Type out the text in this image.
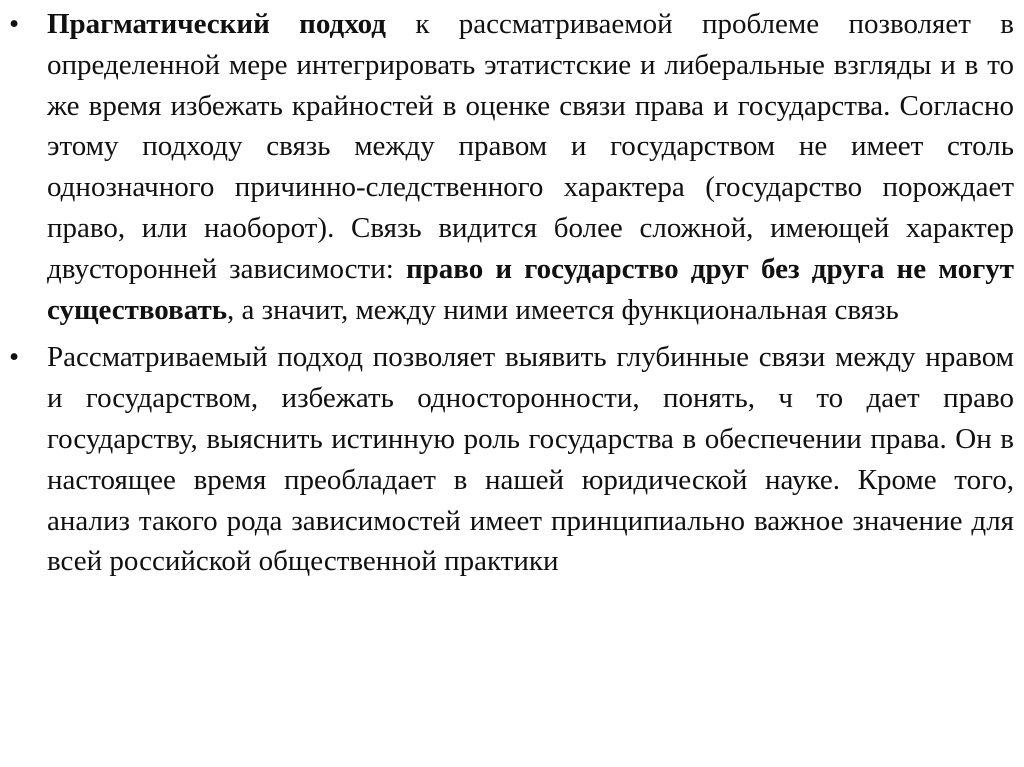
• Прагматический подход к рассматриваемой проблеме позволяет в определенной мере интегрировать этатистские и либеральные взгляды и в то же время избежать крайностей в оценке связи права и государства. Согласно этому подходу связь между правом и государством не имеет столь однозначного причинно-следственного характера (государство порождает право, или наоборот). Связь видится более сложной, имеющей характер двусторонней зависимости: право и государство друг без друга не могут существовать, а значит, между ними имеется функциональная связь
• Рассматриваемый подход позволяет выявить глубинные связи между нравом и государством, избежать односторонности, понять, ч то дает право государству, выяснить истинную роль государства в обеспечении права. Он в настоящее время преобладает в нашей юридической науке. Кроме того, анализ такого рода зависимостей имеет принципиально важное значение для всей российской общественной практики
